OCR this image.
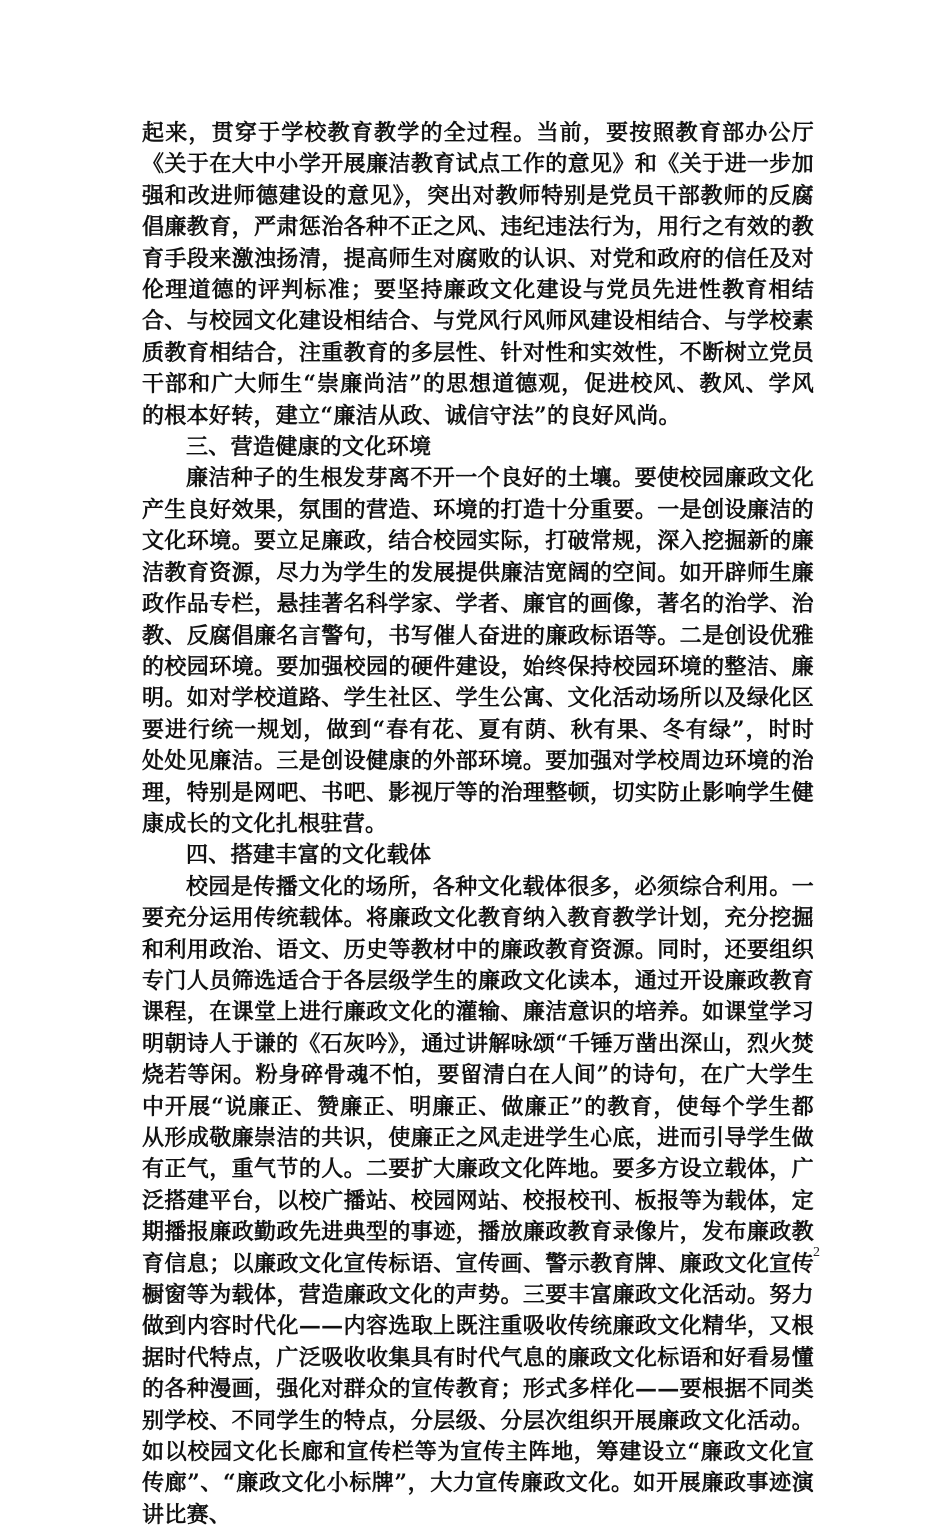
起来，贯穿于学校教育教学的全过程。当前，要按照教育部办公厅《关于在大中小学开展廉洁教育试点工作的意见》和《关于进一步加强和改进师德建设的意见》，突出对教师特别是党员干部教师的反腐倡廉教育，严肃惩治各种不正之风、违纪违法行为，用行之有效的教育手段来激浊扬清，提高师生对腐败的认识、对党和政府的信任及对伦理道德的评判标准；要坚持廉政文化建设与党员先进性教育相结合、与校园文化建设相结合、与党风行风师风建设相结合、与学校素质教育相结合，注重教育的多层性、针对性和实效性，不断树立党员干部和广大师生“崇廉尚洁”的思想道德观，促进校风、教风、学风的根本好转，建立“廉洁从政、诚信守法”的良好风尚。

三、营造健康的文化环境

廉洁种子的生根发芽离不开一个良好的土壤。要使校园廉政文化产生良好效果，氛围的营造、环境的打造十分重要。一是创设廉洁的文化环境。要立足廉政，结合校园实际，打破常规，深入挖掘新的廉洁教育资源，尽力为学生的发展提供廉洁宽阔的空间。如开辟师生廉政作品专栏，悬挂著名科学家、学者、廉官的画像，著名的治学、治教、反腐倡廉名言警句，书写催人奋进的廉政标语等。二是创设优雅的校园环境。要加强校园的硬件建设，始终保持校园环境的整洁、廉明。如对学校道路、学生社区、学生公寓、文化活动场所以及绿化区要进行统一规划，做到“春有花、夏有荫、秋有果、冬有绿”，时时处处见廉洁。三是创设健康的外部环境。要加强对学校周边环境的治理，特别是网吧、书吧、影视厅等的治理整顿，切实防止影响学生健康成长的文化扎根驻营。

四、搭建丰富的文化载体

校园是传播文化的场所，各种文化载体很多，必须综合利用。一要充分运用传统载体。将廉政文化教育纳入教育教学计划，充分挖掘和利用政治、语文、历史等教材中的廉政教育资源。同时，还要组织专门人员筛选适合于各层级学生的廉政文化读本，通过开设廉政教育课程，在课堂上进行廉政文化的灌输、廉洁意识的培养。如课堂学习明朝诗人于谦的《石灰吟》，通过讲解咏颂“千锤万凿出深山，烈火焚烧若等闲。粉身碎骨魂不怕，要留清白在人间”的诗句，在广大学生中开展“说廉正、赞廉正、明廉正、做廉正”的教育，使每个学生都从形成敬廉崇洁的共识，使廉正之风走进学生心底，进而引导学生做有正气，重气节的人。二要扩大廉政文化阵地。要多方设立载体，广泛搭建平台，以校广播站、校园网站、校报校刊、板报等为载体，定期播报廉政勤政先进典型的事迹，播放廉政教育录像片，发布廉政教育信息；以廉政文化宣传标语、宣传画、警示教育牌、廉政文化宣传橱窗等为载体，营造廉政文化的声势。三要丰富廉政文化活动。努力做到内容时代化——内容选取上既注重吸收传统廉政文化精华，又根据时代特点，广泛吸收收集具有时代气息的廉政文化标语和好看易懂的各种漫画，强化对群众的宣传教育；形式多样化——要根据不同类别学校、不同学生的特点，分层级、分层次组织开展廉政文化活动。如以校园文化长廊和宣传栏等为宣传主阵地，筹建设立“廉政文化宣传廊”、“廉政文化小标牌”，大力宣传廉政文化。如开展廉政事迹演讲比赛、

2
